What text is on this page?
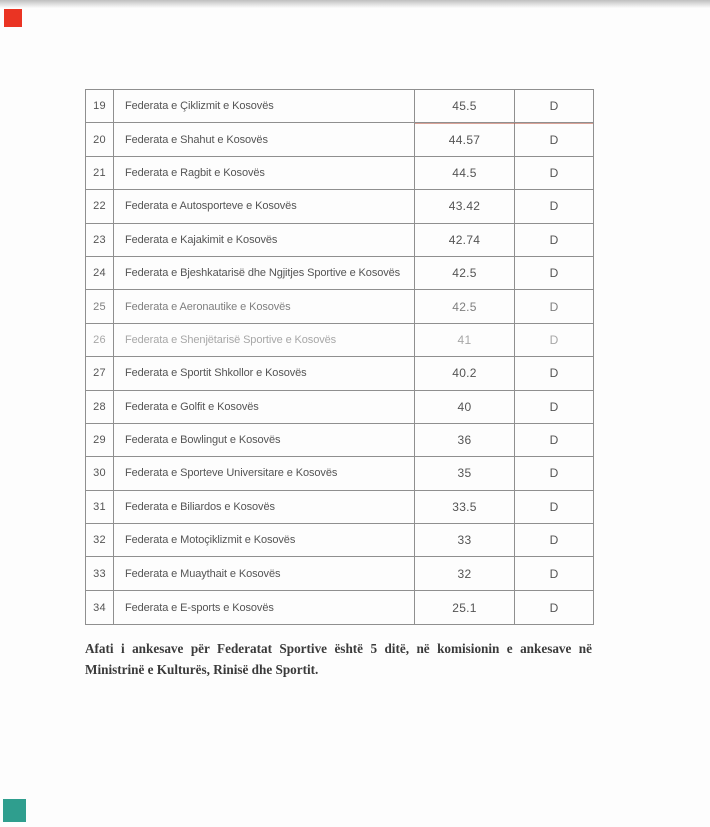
19	Federata e Çiklizmit e Kosovës	45.5	D
20	Federata e Shahut e Kosovës	44.57	D
21	Federata e Ragbit e Kosovës	44.5	D
22	Federata e Autosporteve e Kosovës	43.42	D
23	Federata e Kajakimit e Kosovës	42.74	D
24	Federata e Bjeshkatarisë dhe Ngjitjes Sportive e Kosovës	42.5	D
25	Federata e Aeronautike e Kosovës	42.5	D
26	Federata e Shenjëtarisë Sportive e Kosovës	41	D
27	Federata e Sportit Shkollor e Kosovës	40.2	D
28	Federata e Golfit e Kosovës	40	D
29	Federata e Bowlingut e Kosovës	36	D
30	Federata e Sporteve Universitare e Kosovës	35	D
31	Federata e Biliardos e Kosovës	33.5	D
32	Federata e Motoçiklizmit e Kosovës	33	D
33	Federata e Muaythait e Kosovës	32	D
34	Federata e E-sports e Kosovës	25.1	D
Afati i ankesave për Federatat Sportive është 5 ditë, në komisionin e ankesave në
Ministrinë e Kulturës, Rinisë dhe Sportit.
